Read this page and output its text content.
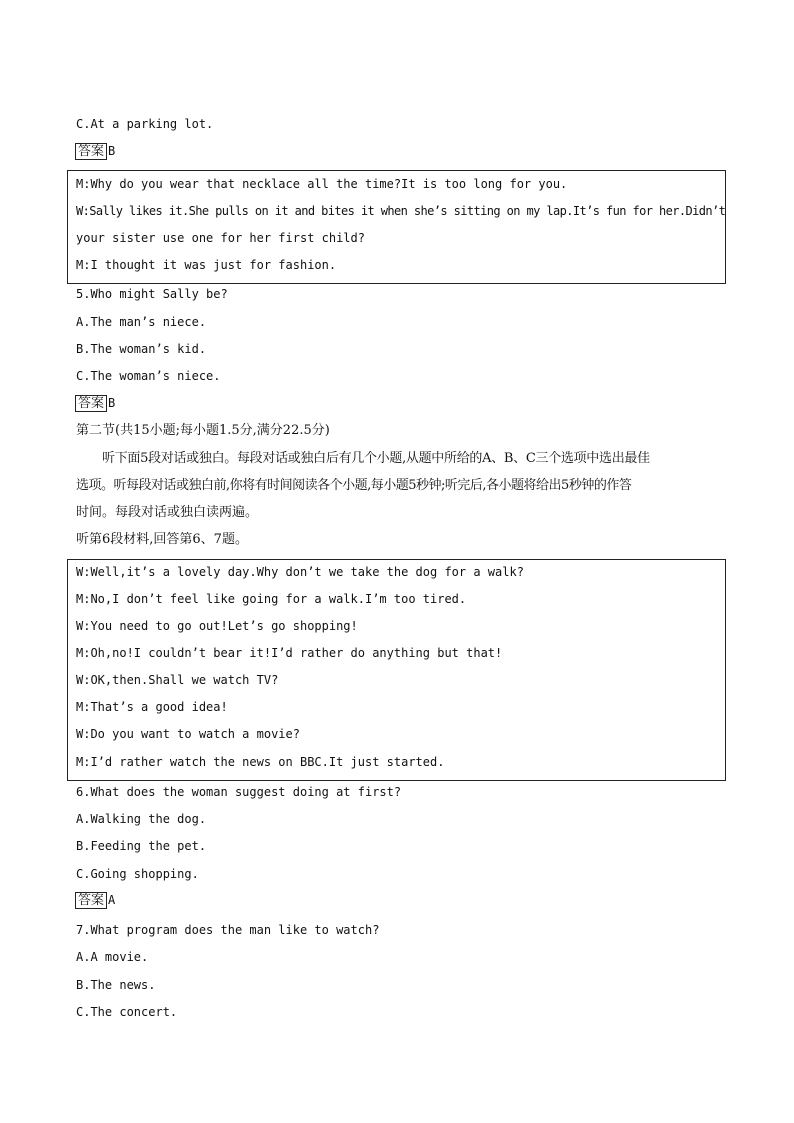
C.At a parking lot.
答案 B
M:Why do you wear that necklace all the time?It is too long for you.
W:Sally likes it.She pulls on it and bites it when she’s sitting on my lap.It’s fun for her.Didn’t
your sister use one for her first child?
M:I thought it was just for fashion.
5.Who might Sally be?
A.The man’s niece.
B.The woman’s kid.
C.The woman’s niece.
答案 B
第二节(共15小题;每小题1.5分,满分22.5分)
听下面5段对话或独白。每段对话或独白后有几个小题,从题中所给的A、B、C三个选项中选出最佳
选项。听每段对话或独白前,你将有时间阅读各个小题,每小题5秒钟;听完后,各小题将给出5秒钟的作答
时间。每段对话或独白读两遍。
听第6段材料,回答第6、7题。
W:Well,it’s a lovely day.Why don’t we take the dog for a walk?
M:No,I don’t feel like going for a walk.I’m too tired.
W:You need to go out!Let’s go shopping!
M:Oh,no!I couldn’t bear it!I’d rather do anything but that!
W:OK,then.Shall we watch TV?
M:That’s a good idea!
W:Do you want to watch a movie?
M:I’d rather watch the news on BBC.It just started.
6.What does the woman suggest doing at first?
A.Walking the dog.
B.Feeding the pet.
C.Going shopping.
答案 A
7.What program does the man like to watch?
A.A movie.
B.The news.
C.The concert.
